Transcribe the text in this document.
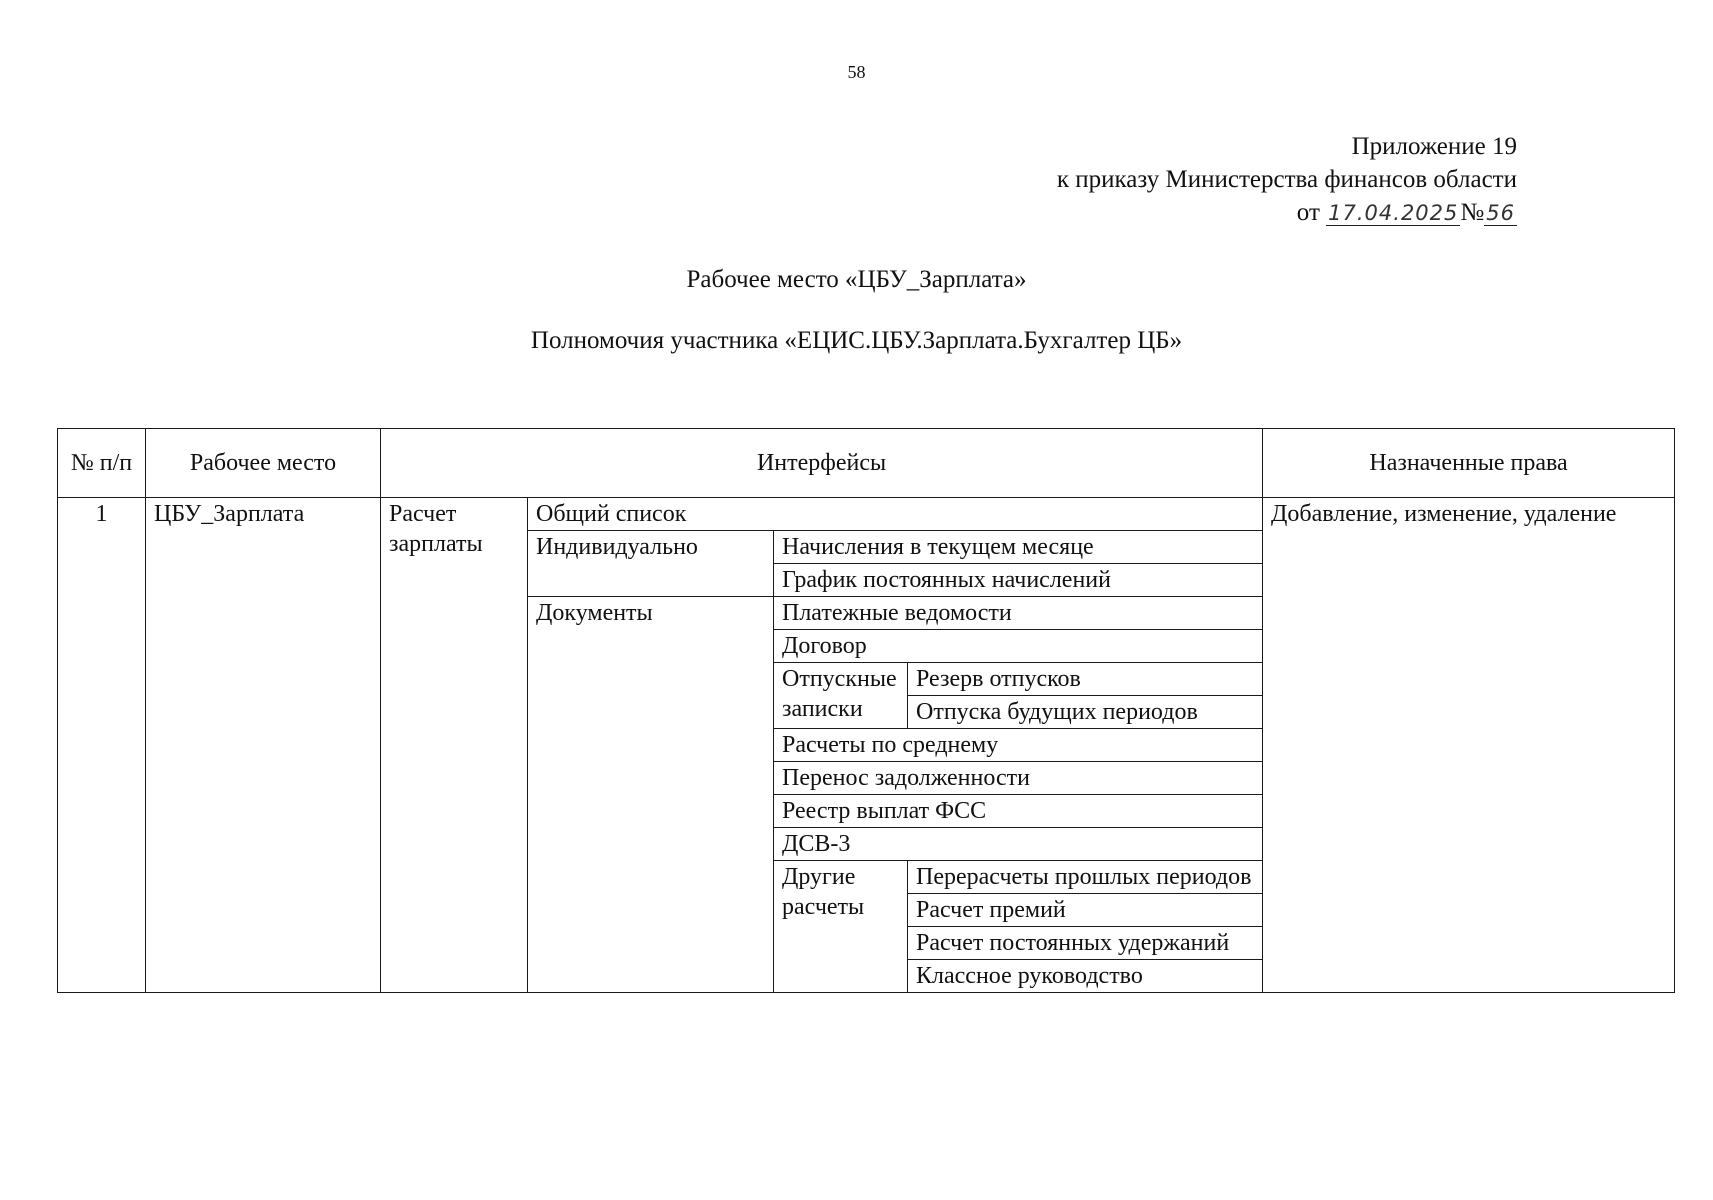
58
Приложение 19
к приказу Министерства финансов области
от 17.04.2025№56
Рабочее место «ЦБУ_Зарплата»
Полномочия участника «ЕЦИС.ЦБУ.Зарплата.Бухгалтер ЦБ»
№ п/п	Рабочее место	Интерфейсы				Назначенные права
1	ЦБУ_Зарплата	Расчет зарплаты	Общий список			Добавление, изменение, удаление
			Индивидуально	Начисления в текущем месяце		
				График постоянных начислений		
			Документы	Платежные ведомости		
				Договор		
				Отпускные записки	Резерв отпусков	
					Отпуска будущих периодов	
				Расчеты по среднему		
				Перенос задолженности		
				Реестр выплат ФСС		
				ДСВ-3		
				Другие расчеты	Перерасчеты прошлых периодов	
					Расчет премий	
					Расчет постоянных удержаний	
					Классное руководство	
